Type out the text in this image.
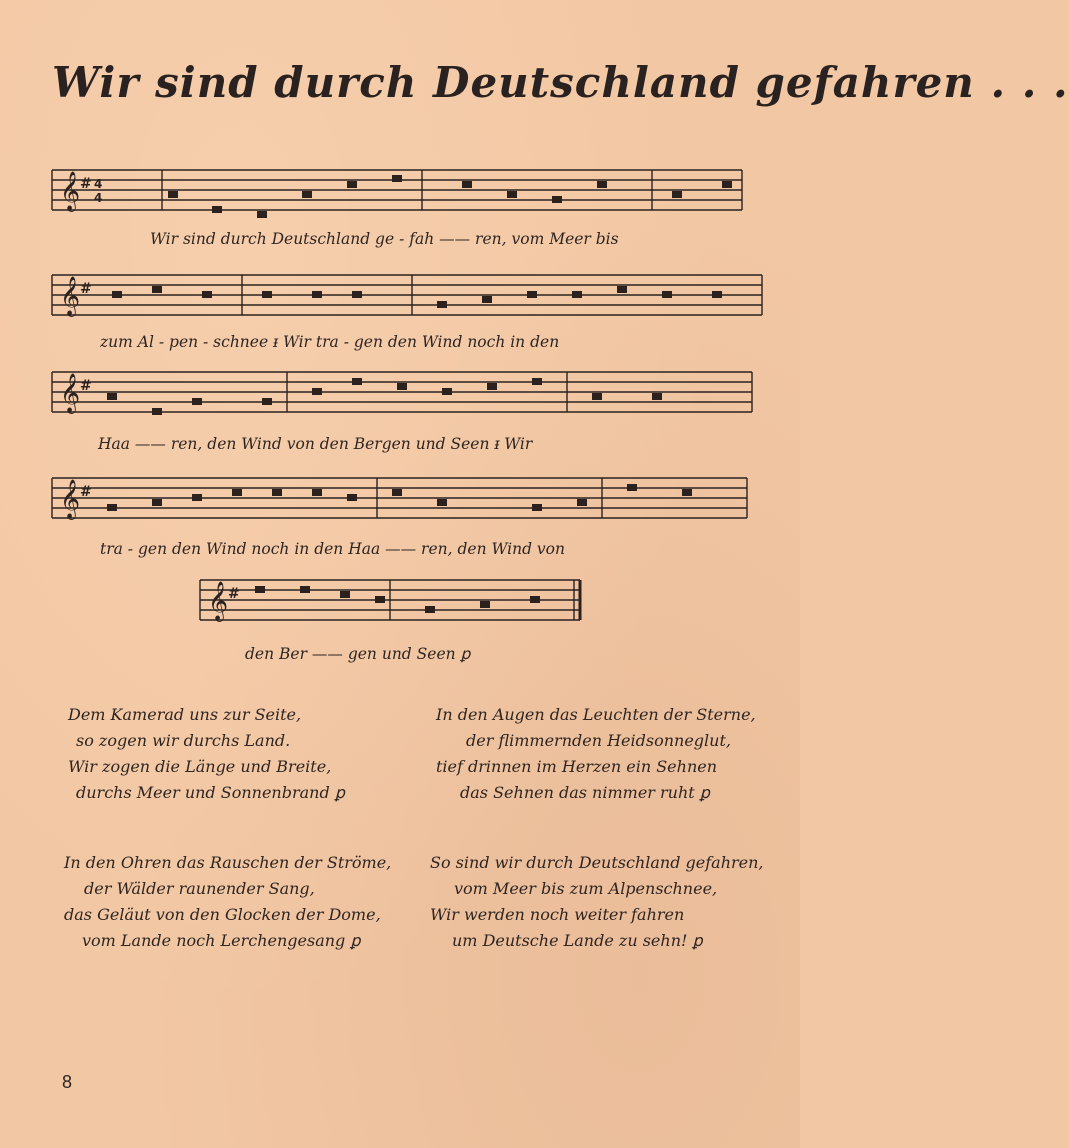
Wir sind durch Deutschland gefahren . . .
𝄞 # 4
4
Wir sind durch Deutschland ge - fah —— ren, vom Meer bis
𝄞 #
zum Al - pen - schnee ᵻ Wir tra - gen den Wind noch in den
𝄞 #
Haa —— ren, den Wind von den Bergen und Seen ᵻ Wir
𝄞 #
tra - gen den Wind noch in den Haa —— ren, den Wind von
𝄞 #
den Ber —— gen und Seen ꝑ
Dem Kamerad uns zur Seite,
so zogen wir durchs Land.
Wir zogen die Länge und Breite,
durchs Meer und Sonnenbrand ꝑ
In den Augen das Leuchten der Sterne,
der flimmernden Heidsonneglut,
tief drinnen im Herzen ein Sehnen
das Sehnen das nimmer ruht ꝑ
In den Ohren das Rauschen der Ströme,
der Wälder raunender Sang,
das Geläut von den Glocken der Dome,
vom Lande noch Lerchengesang ꝑ
So sind wir durch Deutschland gefahren,
vom Meer bis zum Alpenschnee,
Wir werden noch weiter fahren
um Deutsche Lande zu sehn! ꝑ
8
